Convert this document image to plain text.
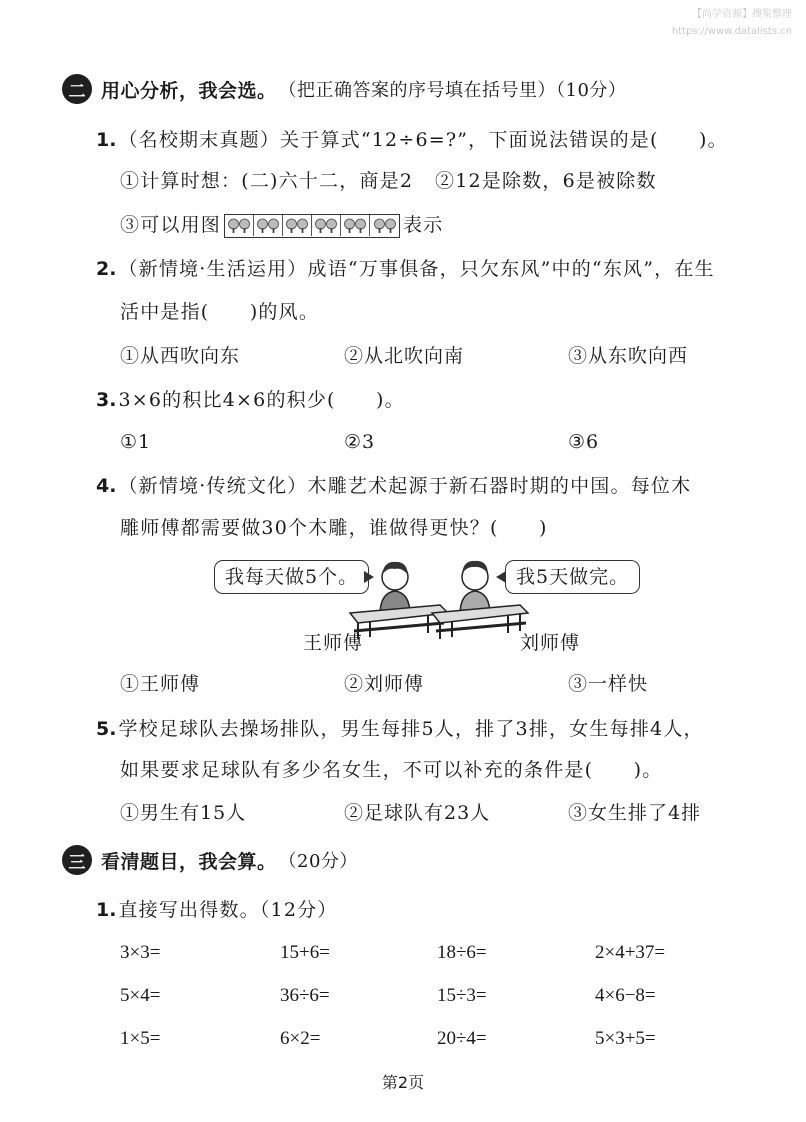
【尚学资源】搜集整理
https://www.datalists.cn
二 用心分析，我会选。 （把正确答案的序号填在括号里）（10分）
1. （名校期末真题）关于算式“12÷6=?”，下面说法错误的是(　　)。
①计算时想：(二)六十二，商是2 ②12是除数，6是被除数
③可以用图	表示
2. （新情境·生活运用）成语“万事俱备，只欠东风”中的“东风”，在生
活中是指(　　)的风。
①从西吹向东	②从北吹向南	③从东吹向西
3. 3×6的积比4×6的积少(　　)。
①1	②3	③6
4. （新情境·传统文化）木雕艺术起源于新石器时期的中国。每位木
雕师傅都需要做30个木雕，谁做得更快？(　　)
我每天做5个。	我5天做完。
王师傅	刘师傅
①王师傅	②刘师傅	③一样快
5. 学校足球队去操场排队，男生每排5人，排了3排，女生每排4人，
如果要求足球队有多少名女生，不可以补充的条件是(　　)。
①男生有15人	②足球队有23人	③女生排了4排
三 看清题目，我会算。 （20分）
1. 直接写出得数。（12分）
3×3=	15+6=	18÷6=	2×4+37=
5×4=	36÷6=	15÷3=	4×6−8=
1×5=	6×2=	20÷4=	5×3+5=
第2页
